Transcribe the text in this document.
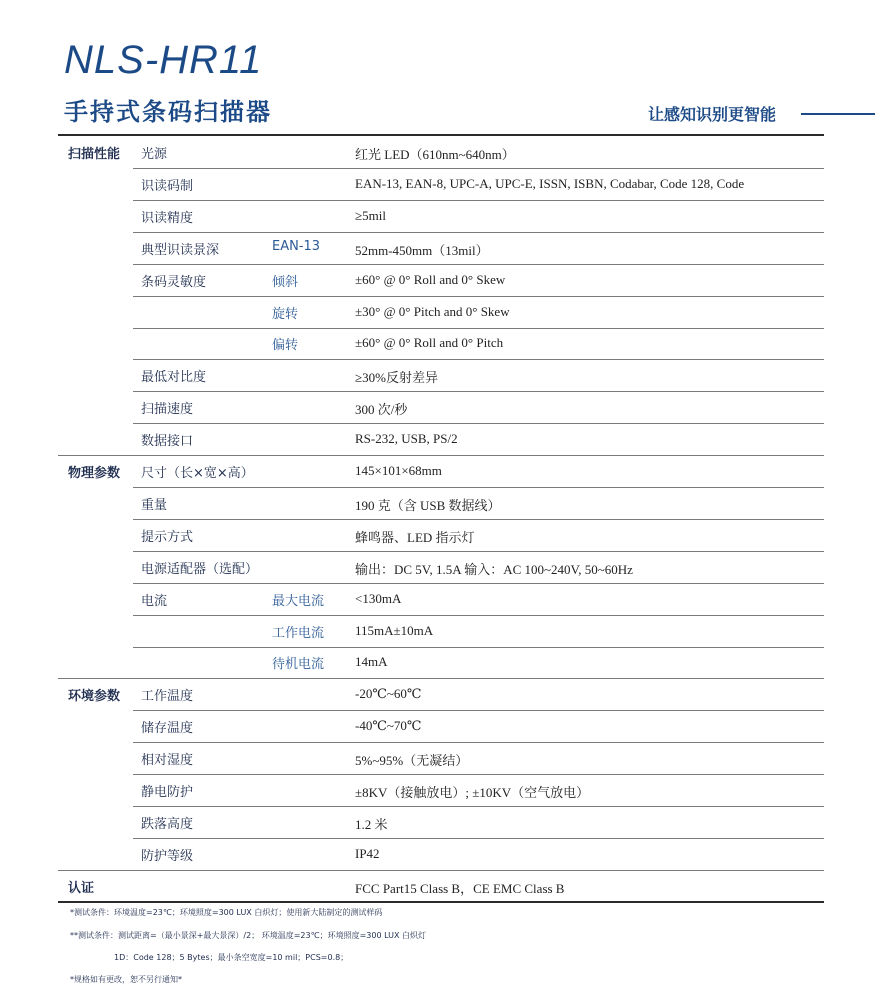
NLS-HR11
手持式条码扫描器	让感知识别更智能
扫描性能 光源	红光 LED（610nm~640nm）
识读码制	EAN-13, EAN-8, UPC-A, UPC-E, ISSN, ISBN, Codabar, Code 128, Code
识读精度	≥5mil
典型识读景深	EAN-13	52mm-450mm（13mil）
条码灵敏度	倾斜	±60° @ 0° Roll and 0° Skew
旋转	±30° @ 0° Pitch and 0° Skew
偏转	±60° @ 0° Roll and 0° Pitch
最低对比度	≥30%反射差异
扫描速度	300 次/秒
数据接口	RS-232, USB, PS/2
物理参数 尺寸（长×宽×高）	145×101×68mm
重量	190 克（含 USB 数据线）
提示方式	蜂鸣器、LED 指示灯
电源适配器（选配）	输出：DC 5V, 1.5A 输入：AC 100~240V, 50~60Hz
电流	最大电流 <130mA
工作电流 115mA±10mA
待机电流 14mA
环境参数 工作温度	-20℃~60℃
储存温度	-40℃~70℃
相对湿度	5%~95%（无凝结）
静电防护	±8KV（接触放电）; ±10KV（空气放电）
跌落高度	1.2 米
防护等级	IP42
认证	FCC Part15 Class B，CE EMC Class B
*测试条件：环境温度=23℃；环境照度=300 LUX 白炽灯；使用新大陆制定的测试样码
**测试条件：测试距离=（最小景深+最大景深）/2； 环境温度=23℃；环境照度=300 LUX 白炽灯
1D：Code 128；5 Bytes；最小条空宽度=10 mil；PCS=0.8；
*规格如有更改，恕不另行通知*
